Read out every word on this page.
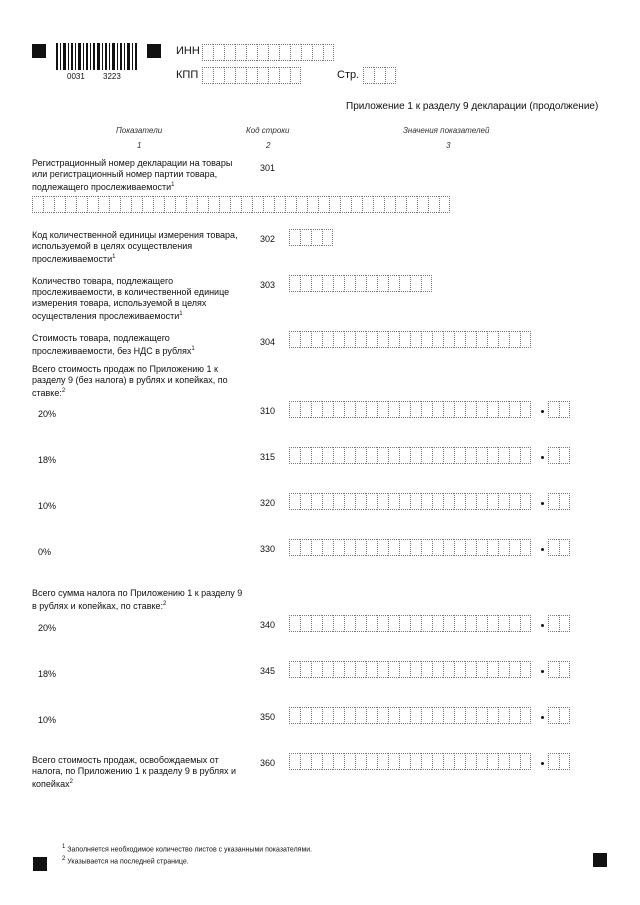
0031 3223
ИНН
КПП	Стр.
Приложение 1 к разделу 9 декларации (продолжение)
Показатели	Код строки	Значения показателей
1	2	3
Регистрационный номер декларации на товары или регистрационный номер партии товара, подлежащего прослеживаемости$^1$
301
Код количественной единицы измерения товара, используемой в целях осуществления прослеживаемости$^1$
302
Количество товара, подлежащего прослеживаемости, в количественной единице измерения товара, используемой в целях осуществления прослеживаемости$^1$
303
Стоимость товара, подлежащего прослеживаемости, без НДС в рублях$^1$
304
Всего стоимость продаж по Приложению 1 к разделу 9 (без налога) в рублях и копейках, по ставке:$^2$
20%	310
18%	315
10%	320
0%	330
Всего сумма налога по Приложению 1 к разделу 9 в рублях и копейках, по ставке:$^2$
20%	340
18%	345
10%	350
Всего стоимость продаж, освобождаемых от налога, по Приложению 1 к разделу 9 в рублях и копейках$^2$
360
$^1$ Заполняется необходимое количество листов с указанными показателями.
$^2$ Указывается на последней странице.
